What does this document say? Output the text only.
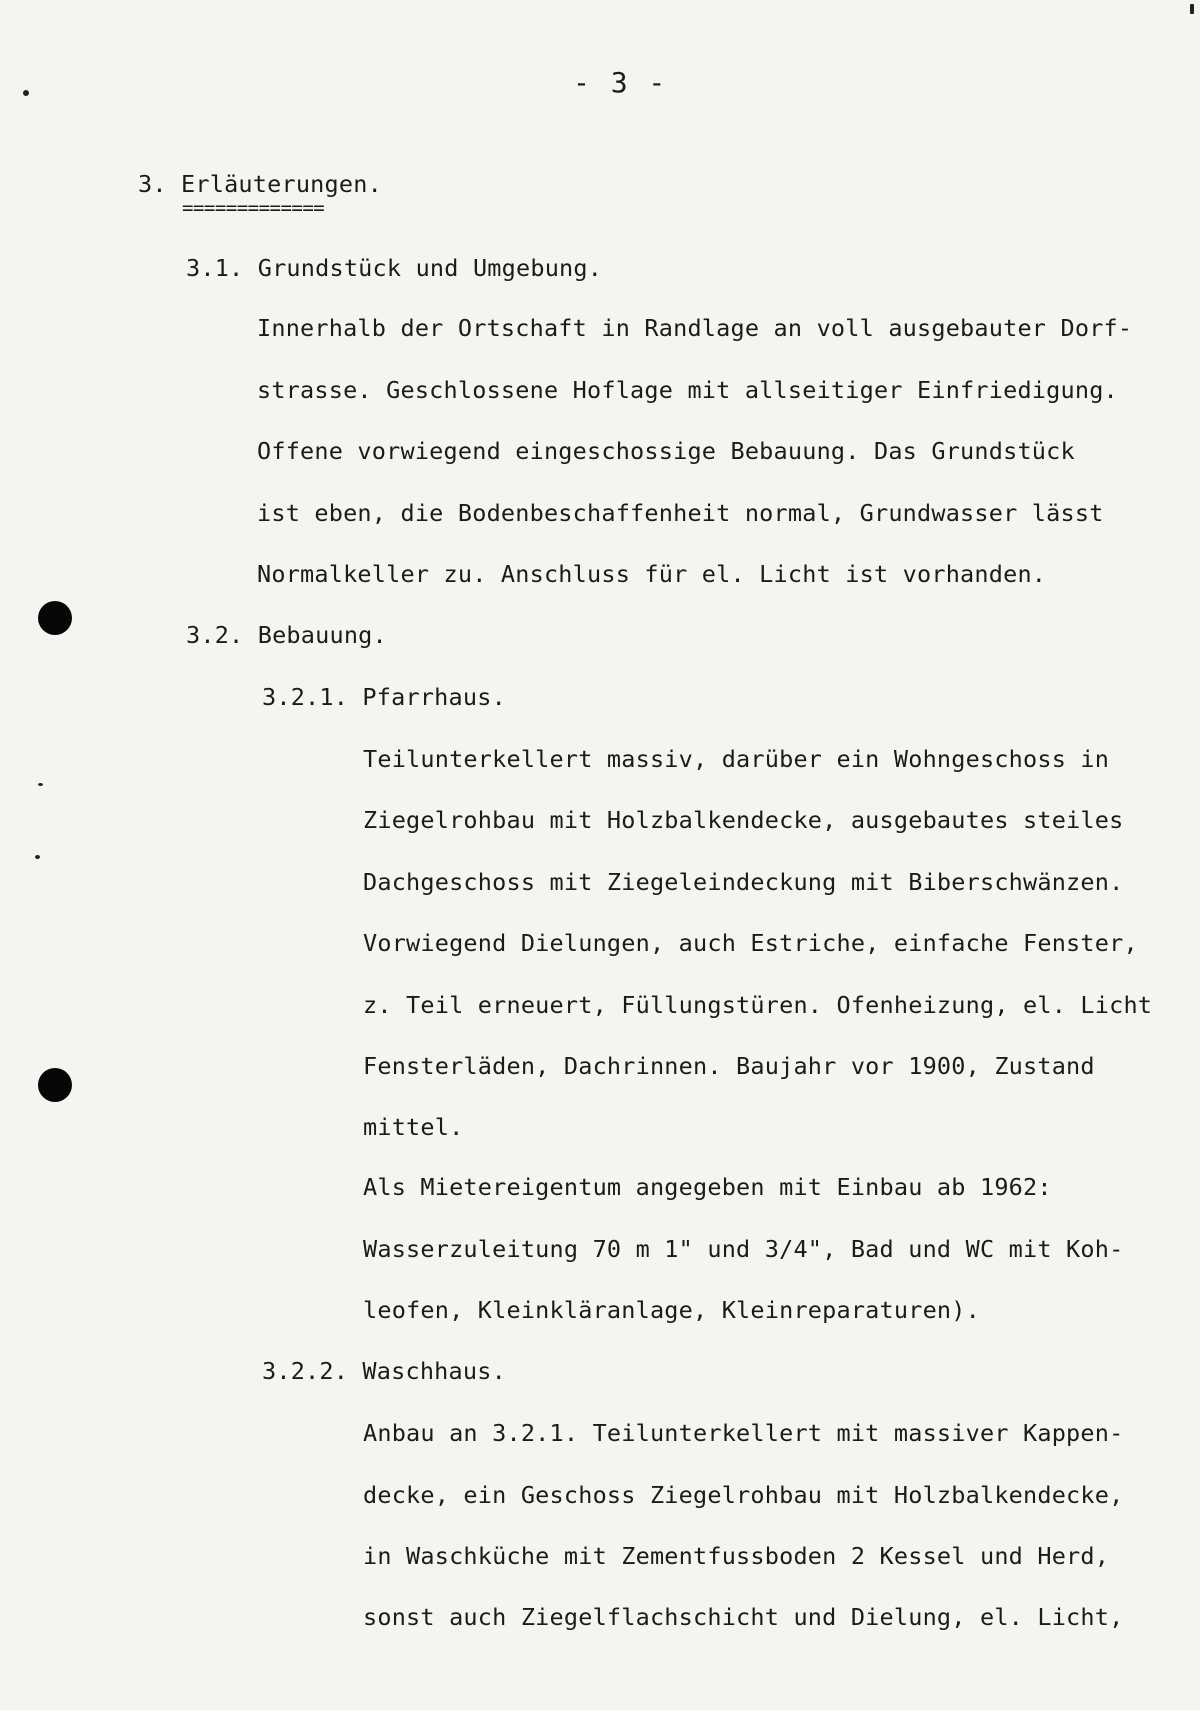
- 3 -
3. Erläuterungen.
=============
3.1. Grundstück und Umgebung.
Innerhalb der Ortschaft in Randlage an voll ausgebauter Dorf-
strasse. Geschlossene Hoflage mit allseitiger Einfriedigung.
Offene vorwiegend eingeschossige Bebauung. Das Grundstück
ist eben, die Bodenbeschaffenheit normal, Grundwasser lässt
Normalkeller zu. Anschluss für el. Licht ist vorhanden.
3.2. Bebauung.
3.2.1. Pfarrhaus.
Teilunterkellert massiv, darüber ein Wohngeschoss in
Ziegelrohbau mit Holzbalkendecke, ausgebautes steiles
Dachgeschoss mit Ziegeleindeckung mit Biberschwänzen.
Vorwiegend Dielungen, auch Estriche, einfache Fenster,
z. Teil erneuert, Füllungstüren. Ofenheizung, el. Licht
Fensterläden, Dachrinnen. Baujahr vor 1900, Zustand
mittel.
Als Mietereigentum angegeben mit Einbau ab 1962:
Wasserzuleitung 70 m 1" und 3/4", Bad und WC mit Koh-
leofen, Kleinkläranlage, Kleinreparaturen).
3.2.2. Waschhaus.
Anbau an 3.2.1. Teilunterkellert mit massiver Kappen-
decke, ein Geschoss Ziegelrohbau mit Holzbalkendecke,
in Waschküche mit Zementfussboden 2 Kessel und Herd,
sonst auch Ziegelflachschicht und Dielung, el. Licht,
